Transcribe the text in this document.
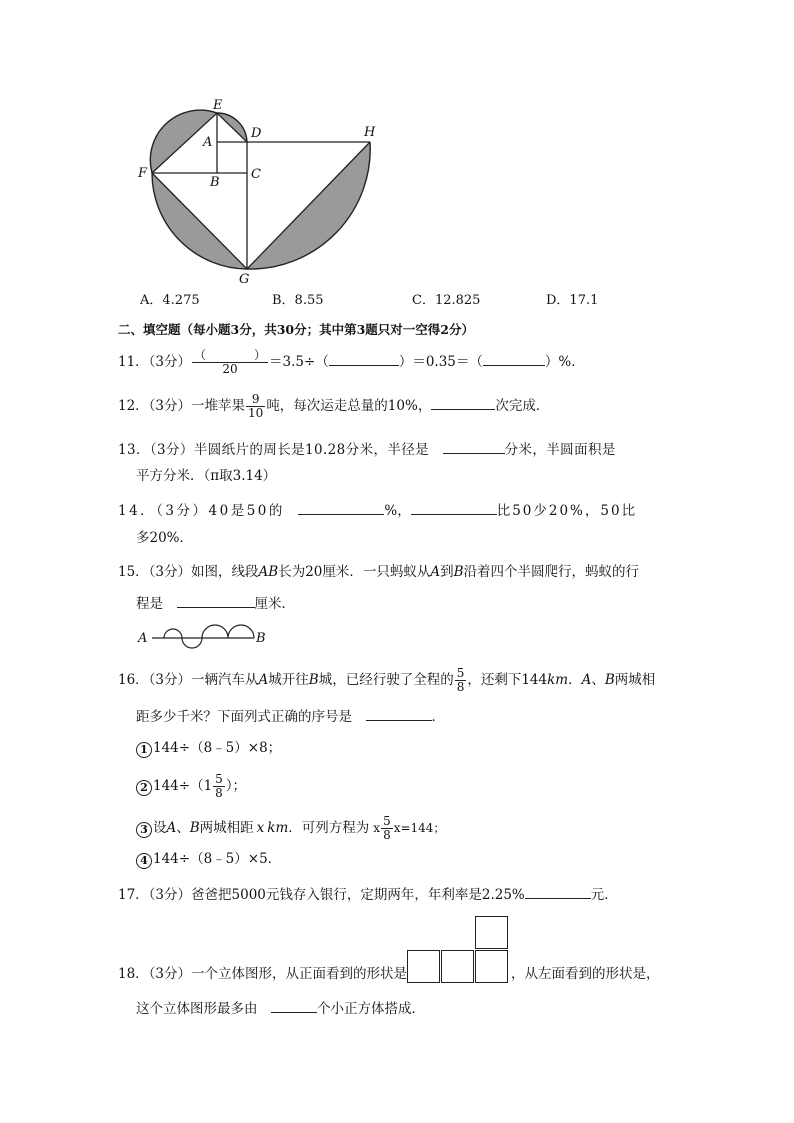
E
A
D	H
F
B
C
G
A．4.275	B．8.55	C．12.825	D．17.1
二、填空题（每小题3分，共30分；其中第3题只对一空得2分）
11．（3分） $\frac{( )}{20} =3.5\div$（	）＝0.35＝（	）%．
12．（3分）一堆苹果 $\frac{9}{10}$ 吨，每次运走总量的10%，	次完成．
13．（3分）半圆纸片的周长是10.28分米，半径是　	分米，半圆面积是
平方分米．（π取3.14）
14．（3分）40是50的　	%，	比50少20%，50比
多20%．
15．（3分）如图，线段AB长为20厘米．一只蚂蚁从A到B沿着四个半圆爬行，蚂蚁的行
程是　	厘米．
A	B
16．（3分）一辆汽车从A城开往B城，已经行驶了全程的 $\frac{5}{8}$ ，还剩下144km．A、B两城相
距多少千米？下面列式正确的序号是　	．
1 144÷（8﹣5）×8；
2 $144\div(1 \frac{5}{8}$ ）；
3 设A、B两城相距 x km．可列方程为 x $\frac{5}{8} x=144$；
4 144÷（8﹣5）×5．
17．（3分）爸爸把5000元钱存入银行，定期两年，年利率是2.25%	元．
18．（3分）一个立体图形，从正面看到的形状是	，从左面看到的形状是，
这个立体图形最多由　	个小正方体搭成．
